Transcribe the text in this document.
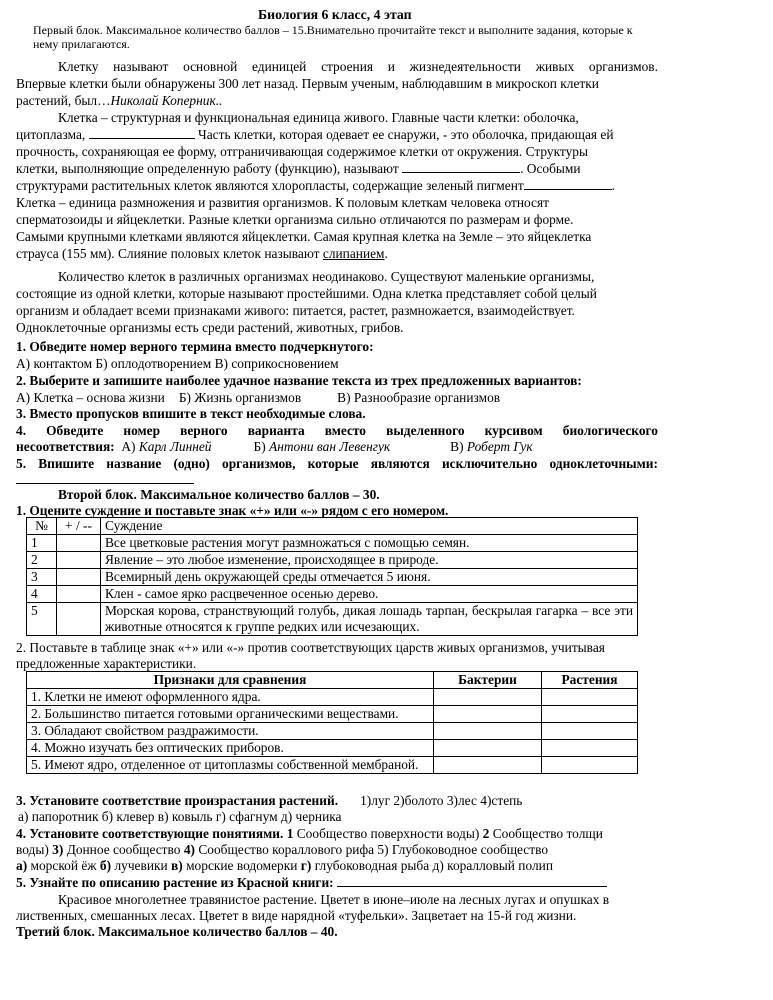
Биология 6 класс, 4 этап
Первый блок. Максимальное количество баллов – 15.Внимательно прочитайте текст и выполните задания, которые к
нему прилагаются.
Клетку называют основной единицей строения и жизнедеятельности живых организмов.
Впервые клетки были обнаружены 300 лет назад. Первым ученым, наблюдавшим в микроскоп клетки
растений, был…Николай Коперник..
Клетка – структурная и функциональная единица живого. Главные части клетки: оболочка,
цитоплазма,	Часть клетки, которая одевает ее снаружи, - это оболочка, придающая ей
прочность, сохраняющая ее форму, отграничивающая содержимое клетки от окружения. Структуры
клетки, выполняющие определенную работу (функцию), называют	. Особыми
структурами растительных клеток являются хлоропласты, содержащие зеленый пигмент	.
Клетка – единица размножения и развития организмов. К половым клеткам человека относят
сперматозоиды и яйцеклетки. Разные клетки организма сильно отличаются по размерам и форме.
Самыми крупными клетками являются яйцеклетки. Самая крупная клетка на Земле – это яйцеклетка
страуса (155 мм). Слияние половых клеток называют слипанием.
Количество клеток в различных организмах неодинаково. Существуют маленькие организмы,
состоящие из одной клетки, которые называют простейшими. Одна клетка представляет собой целый
организм и обладает всеми признаками живого: питается, растет, размножается, взаимодействует.
Одноклеточные организмы есть среди растений, животных, грибов.
1. Обведите номер верного термина вместо подчеркнутого:
А) контактом Б) оплодотворением В) соприкосновением
2. Выберите и запишите наиболее удачное название текста из трех предложенных вариантов:
А) Клетка – основа жизни Б) Жизнь организмов	В) Разнообразие организмов
3. Вместо пропусков впишите в текст необходимые слова.
4. Обведите номер верного варианта вместо выделенного курсивом биологического
несоответствия: А) Карл Линней	Б) Антони ван Левенгук	В) Роберт Гук
5. Впишите название (одно) организмов, которые являются исключительно одноклеточными:
Второй блок. Максимальное количество баллов – 30.
1. Оцените суждение и поставьте знак «+» или «-» рядом с его номером.
№	+ / --	Суждение
1		Все цветковые растения могут размножаться с помощью семян.
2		Явление – это любое изменение, происходящее в природе.
3		Всемирный день окружающей среды отмечается 5 июня.
4		Клен - самое ярко расцвеченное осенью дерево.
5		Морская корова, странствующий голубь, дикая лошадь тарпан, бескрылая гагарка – все эти животные относятся к группе редких или исчезающих.
2. Поставьте в таблице знак «+» или «-» против соответствующих царств живых организмов, учитывая
предложенные характеристики.
Признаки для сравнения	Бактерии	Растения
1. Клетки не имеют оформленного ядра.		
2. Большинство питается готовыми органическими веществами.		
3. Обладают свойством раздражимости.		
4. Можно изучать без оптических приборов.		
5. Имеют ядро, отделенное от цитоплазмы собственной мембраной.		
3. Установите соответствие произрастания растений. 1)луг 2)болото 3)лес 4)степь
а) папоротник б) клевер в) ковыль г) сфагнум д) черника
4. Установите соответствующие понятиями. 1 Сообщество поверхности воды) 2 Сообщество толщи
воды) 3) Донное сообщество 4) Сообщество кораллового рифа 5) Глубоководное сообщество
а) морской ёж б) лучевики в) морские водомерки г) глубоководная рыба д) коралловый полип
5. Узнайте по описанию растение из Красной книги:
Красивое многолетнее травянистое растение. Цветет в июне–июле на лесных лугах и опушках в
лиственных, смешанных лесах. Цветет в виде нарядной «туфельки». Зацветает на 15-й год жизни.
Третий блок. Максимальное количество баллов – 40.
